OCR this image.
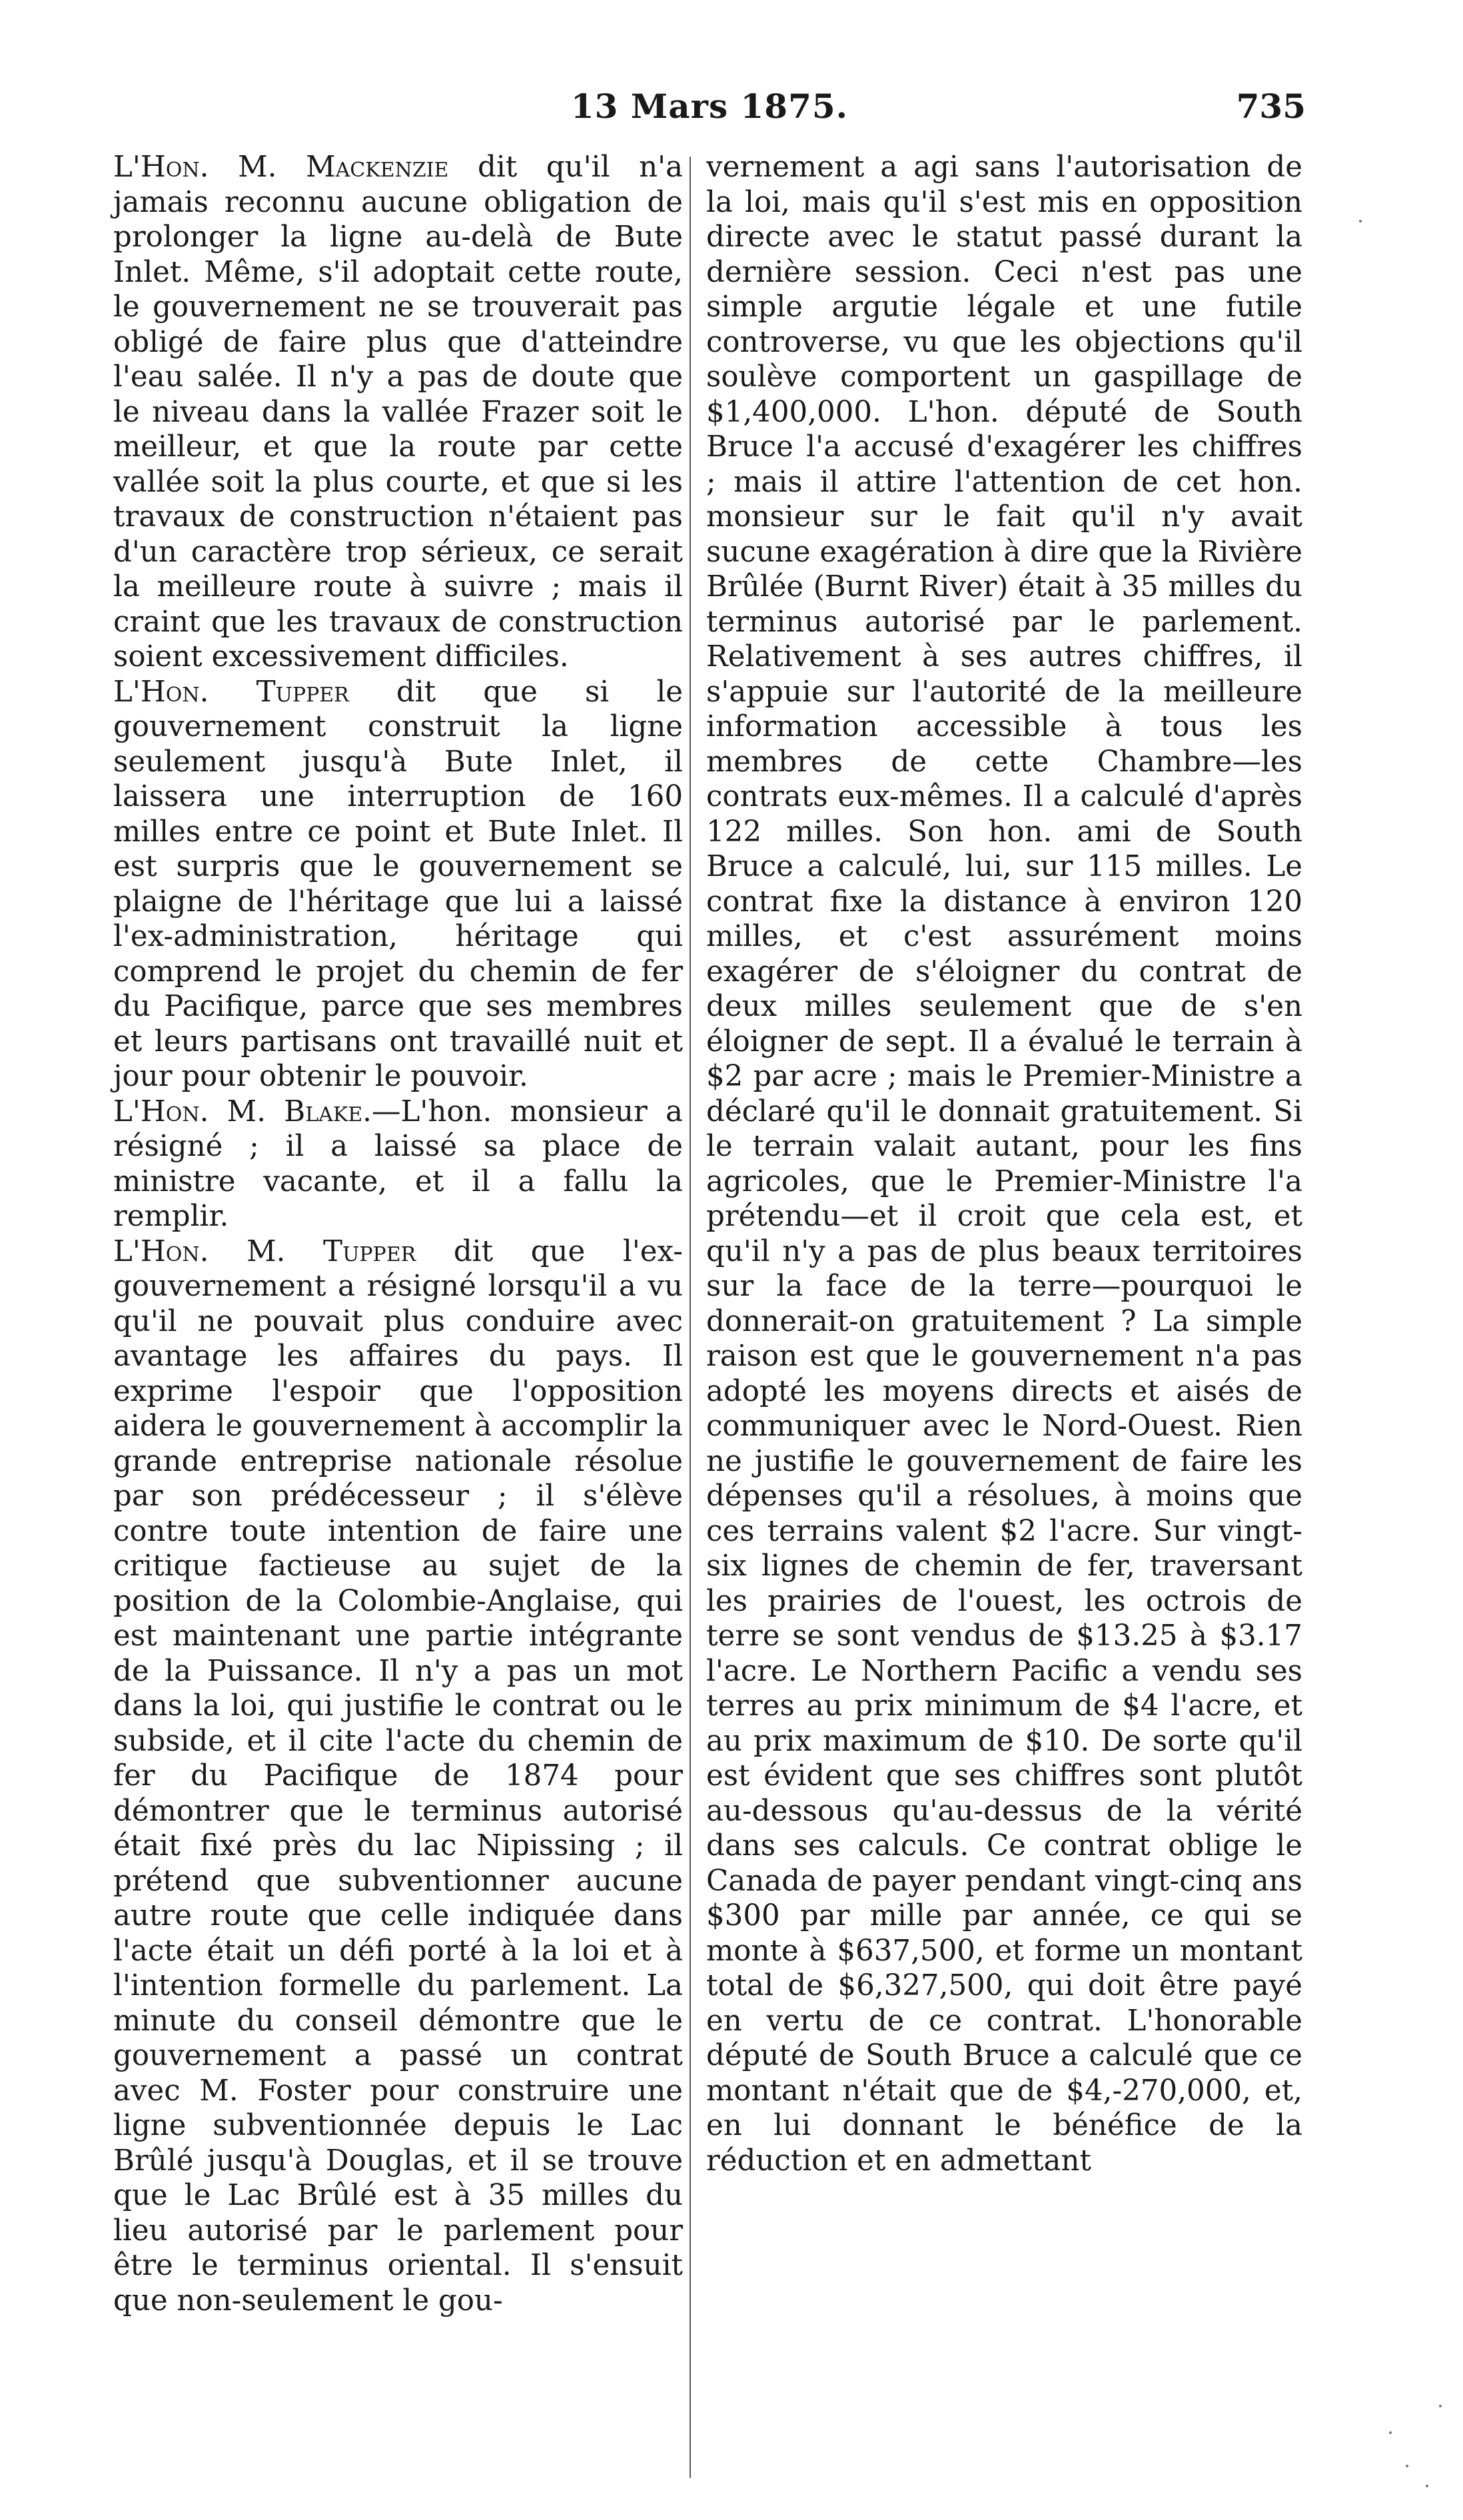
13 Mars 1875.	735

L'Hon. M. Mackenzie dit qu'il n'a jamais reconnu aucune obligation de prolonger la ligne au-delà de Bute Inlet. Même, s'il adoptait cette route, le gouvernement ne se trouverait pas obligé de faire plus que d'atteindre l'eau salée. Il n'y a pas de doute que le niveau dans la vallée Frazer soit le meilleur, et que la route par cette vallée soit la plus courte, et que si les travaux de construction n'étaient pas d'un caractère trop sérieux, ce serait la meilleure route à suivre ; mais il craint que les travaux de construction soient excessivement difficiles.

L'Hon. Tupper dit que si le gouvernement construit la ligne seulement jusqu'à Bute Inlet, il laissera une interruption de 160 milles entre ce point et Bute Inlet. Il est surpris que le gouvernement se plaigne de l'héritage que lui a laissé l'ex-administration, héritage qui comprend le projet du chemin de fer du Pacifique, parce que ses membres et leurs partisans ont travaillé nuit et jour pour obtenir le pouvoir.

L'Hon. M. Blake.—L'hon. monsieur a résigné ; il a laissé sa place de ministre vacante, et il a fallu la remplir.

L'Hon. M. Tupper dit que l'ex-gouvernement a résigné lorsqu'il a vu qu'il ne pouvait plus conduire avec avantage les affaires du pays. Il exprime l'espoir que l'opposition aidera le gouvernement à accomplir la grande entreprise nationale résolue par son prédécesseur ; il s'élève contre toute intention de faire une critique factieuse au sujet de la position de la Colombie-Anglaise, qui est maintenant une partie intégrante de la Puissance. Il n'y a pas un mot dans la loi, qui justifie le contrat ou le subside, et il cite l'acte du chemin de fer du Pacifique de 1874 pour démontrer que le terminus autorisé était fixé près du lac Nipissing ; il prétend que subventionner aucune autre route que celle indiquée dans l'acte était un défi porté à la loi et à l'intention formelle du parlement. La minute du conseil démontre que le gouvernement a passé un contrat avec M. Foster pour construire une ligne subventionnée depuis le Lac Brûlé jusqu'à Douglas, et il se trouve que le Lac Brûlé est à 35 milles du lieu autorisé par le parlement pour être le terminus oriental. Il s'ensuit que non-seulement le gou-

vernement a agi sans l'autorisation de la loi, mais qu'il s'est mis en opposition directe avec le statut passé durant la dernière session. Ceci n'est pas une simple argutie légale et une futile controverse, vu que les objections qu'il soulève comportent un gaspillage de $1,400,000. L'hon. député de South Bruce l'a accusé d'exagérer les chiffres ; mais il attire l'attention de cet hon. monsieur sur le fait qu'il n'y avait sucune exagération à dire que la Rivière Brûlée (Burnt River) était à 35 milles du terminus autorisé par le parlement. Relativement à ses autres chiffres, il s'appuie sur l'autorité de la meilleure information accessible à tous les membres de cette Chambre—les contrats eux-mêmes. Il a calculé d'après 122 milles. Son hon. ami de South Bruce a calculé, lui, sur 115 milles. Le contrat fixe la distance à environ 120 milles, et c'est assurément moins exagérer de s'éloigner du contrat de deux milles seulement que de s'en éloigner de sept. Il a évalué le terrain à $2 par acre ; mais le Premier-Ministre a déclaré qu'il le donnait gratuitement. Si le terrain valait autant, pour les fins agricoles, que le Premier-Ministre l'a prétendu—et il croit que cela est, et qu'il n'y a pas de plus beaux territoires sur la face de la terre—pourquoi le donnerait-on gratuitement ? La simple raison est que le gouvernement n'a pas adopté les moyens directs et aisés de communiquer avec le Nord-Ouest. Rien ne justifie le gouvernement de faire les dépenses qu'il a résolues, à moins que ces terrains valent $2 l'acre. Sur vingt-six lignes de chemin de fer, traversant les prairies de l'ouest, les octrois de terre se sont vendus de $13.25 à $3.17 l'acre. Le Northern Pacific a vendu ses terres au prix minimum de $4 l'acre, et au prix maximum de $10. De sorte qu'il est évident que ses chiffres sont plutôt au-dessous qu'au-dessus de la vérité dans ses calculs. Ce contrat oblige le Canada de payer pendant vingt-cinq ans $300 par mille par année, ce qui se monte à $637,500, et forme un montant total de $6,327,500, qui doit être payé en vertu de ce contrat. L'honorable député de South Bruce a calculé que ce montant n'était que de $4,-270,000, et, en lui donnant le bénéfice de la réduction et en admettant
